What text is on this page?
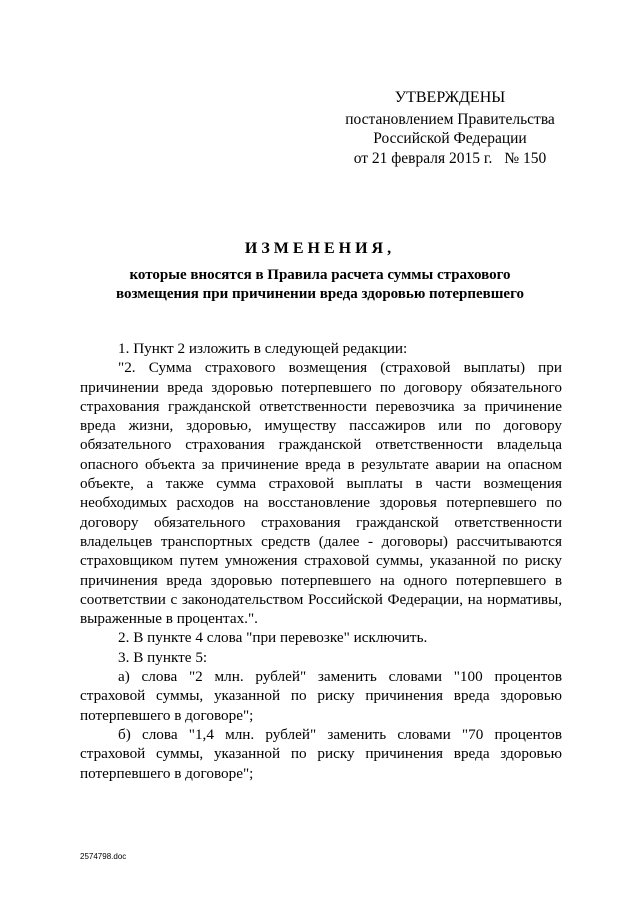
УТВЕРЖДЕНЫ
постановлением Правительства
Российской Федерации
от 21 февраля 2015 г. № 150
ИЗМЕНЕНИЯ,
которые вносятся в Правила расчета суммы страхового
возмещения при причинении вреда здоровью потерпевшего

1. Пункт 2 изложить в следующей редакции:

"2. Сумма страхового возмещения (страховой выплаты) при причинении вреда здоровью потерпевшего по договору обязательного страхования гражданской ответственности перевозчика за причинение вреда жизни, здоровью, имуществу пассажиров или по договору обязательного страхования гражданской ответственности владельца опасного объекта за причинение вреда в результате аварии на опасном объекте, а также сумма страховой выплаты в части возмещения необходимых расходов на восстановление здоровья потерпевшего по договору обязательного страхования гражданской ответственности владельцев транспортных средств (далее - договоры) рассчитываются страховщиком путем умножения страховой суммы, указанной по риску причинения вреда здоровью потерпевшего на одного потерпевшего в соответствии с законодательством Российской Федерации, на нормативы, выраженные в процентах.".

2. В пункте 4 слова "при перевозке" исключить.

3. В пункте 5:

а) слова "2 млн. рублей" заменить словами "100 процентов страховой суммы, указанной по риску причинения вреда здоровью потерпевшего в договоре";

б) слова "1,4 млн. рублей" заменить словами "70 процентов страховой суммы, указанной по риску причинения вреда здоровью потерпевшего в договоре";

2574798.doc
